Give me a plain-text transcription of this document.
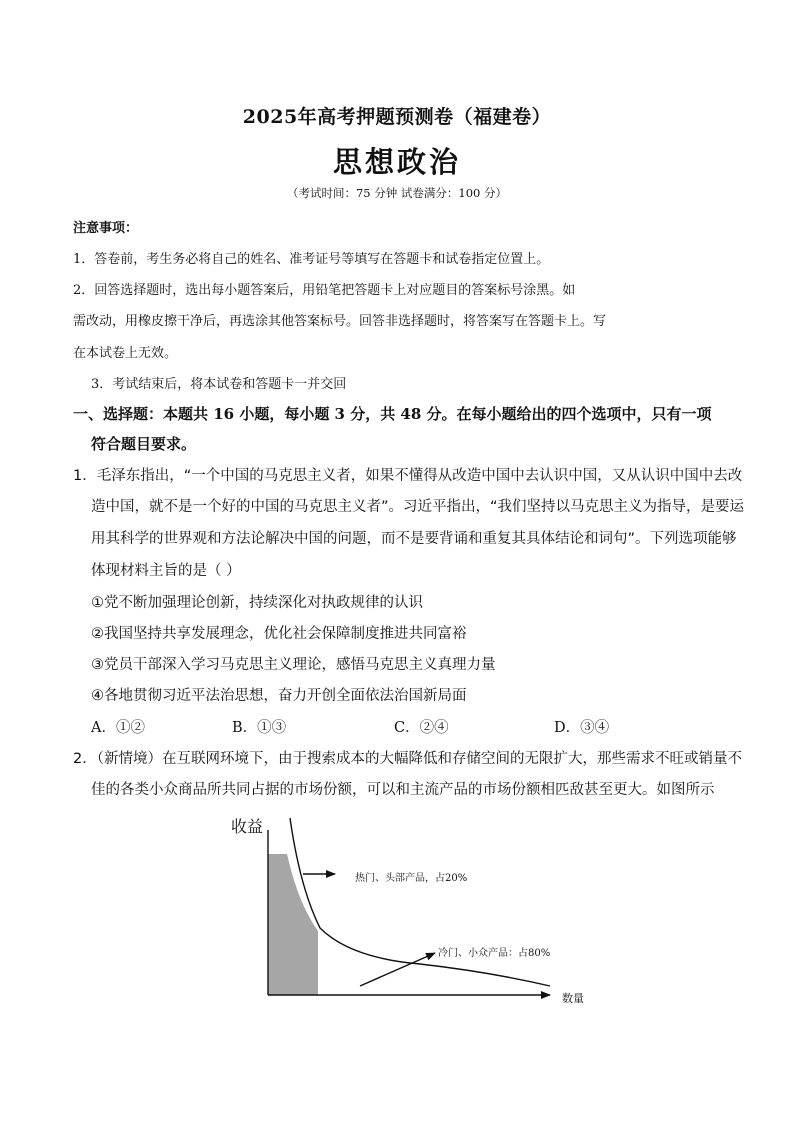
2025年高考押题预测卷（福建卷）
思想政治
（考试时间：75 分钟 试卷满分：100 分）
注意事项：
1．答卷前，考生务必将自己的姓名、准考证号等填写在答题卡和试卷指定位置上。
2．回答选择题时，选出每小题答案后，用铅笔把答题卡上对应题目的答案标号涂黑。如
需改动，用橡皮擦干净后，再选涂其他答案标号。回答非选择题时，将答案写在答题卡上。写
在本试卷上无效。
3．考试结束后，将本试卷和答题卡一并交回
一、选择题：本题共 16 小题，每小题 3 分，共 48 分。在每小题给出的四个选项中，只有一项
符合题目要求。
1．毛泽东指出，“一个中国的马克思主义者，如果不懂得从改造中国中去认识中国，又从认识中国中去改
造中国，就不是一个好的中国的马克思主义者”。习近平指出，“我们坚持以马克思主义为指导，是要运
用其科学的世界观和方法论解决中国的问题，而不是要背诵和重复其具体结论和词句”。下列选项能够
体现材料主旨的是（ ）
①党不断加强理论创新，持续深化对执政规律的认识
②我国坚持共享发展理念，优化社会保障制度推进共同富裕
③党员干部深入学习马克思主义理论，感悟马克思主义真理力量
④各地贯彻习近平法治思想，奋力开创全面依法治国新局面
A．①②	B．①③	C．②④	D．③④
2．（新情境）在互联网环境下，由于搜索成本的大幅降低和存储空间的无限扩大，那些需求不旺或销量不
佳的各类小众商品所共同占据的市场份额，可以和主流产品的市场份额相匹敌甚至更大。如图所示
收益
数量
热门、头部产品，占20%
冷门、小众产品：占80%
